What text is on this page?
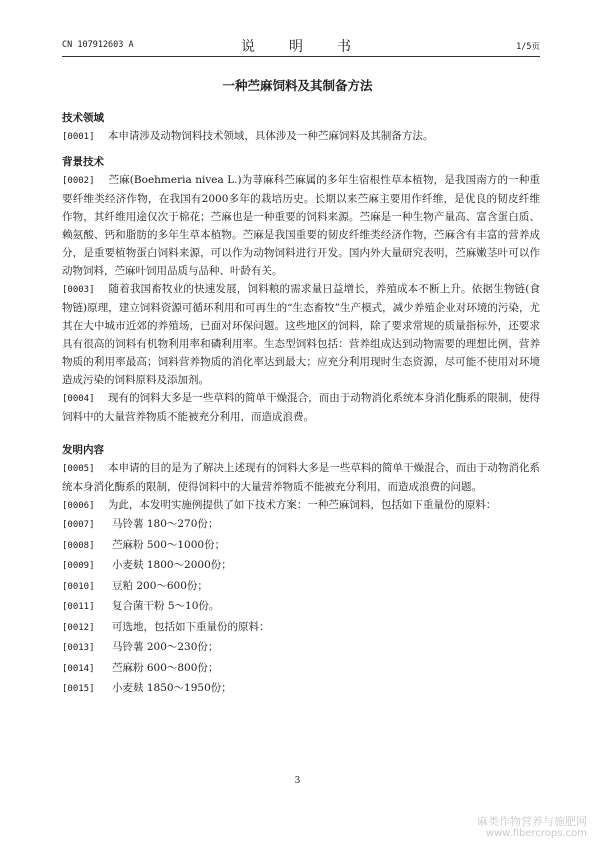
CN 107912603 A	说　明　书	1/5页
一种苎麻饲料及其制备方法
技术领域
[0001] 本申请涉及动物饲料技术领域，具体涉及一种苎麻饲料及其制备方法。
背景技术
[0002] 苎麻(Boehmeria nivea L.)为荨麻科苎麻属的多年生宿根性草本植物，是我国南方的一种重要纤维类经济作物，在我国有2000多年的栽培历史。长期以来苎麻主要用作纤维，是优良的韧皮纤维作物，其纤维用途仅次于棉花；苎麻也是一种重要的饲料来源。苎麻是一种生物产量高、富含蛋白质、赖氨酸、钙和脂肪的多年生草本植物。苎麻是我国重要的韧皮纤维类经济作物，苎麻含有丰富的营养成分，是重要植物蛋白饲料来源，可以作为动物饲料进行开发。国内外大量研究表明，苎麻嫩茎叶可以作动物饲料，苎麻叶饲用品质与品种、叶龄有关。
[0003] 随着我国畜牧业的快速发展，饲料粮的需求量日益增长，养殖成本不断上升。依据生物链(食物链)原理，建立饲料资源可循环利用和可再生的“生态畜牧”生产模式，减少养殖企业对环境的污染，尤其在大中城市近郊的养殖场，已面对环保问题。这些地区的饲料，除了要求常规的质量指标外，还要求具有很高的饲料有机物利用率和磷利用率。生态型饲料包括：营养组成达到动物需要的理想比例，营养物质的利用率最高；饲料营养物质的消化率达到最大；应充分利用现时生态资源，尽可能不使用对环境造成污染的饲料原料及添加剂。
[0004] 现有的饲料大多是一些草料的简单干燥混合，而由于动物消化系统本身消化酶系的限制，使得饲料中的大量营养物质不能被充分利用，而造成浪费。
发明内容
[0005] 本申请的目的是为了解决上述现有的饲料大多是一些草料的简单干燥混合，而由于动物消化系统本身消化酶系的限制，使得饲料中的大量营养物质不能被充分利用，而造成浪费的问题。
[0006] 为此，本发明实施例提供了如下技术方案：一种苎麻饲料，包括如下重量份的原料：
[0007] 马铃薯 180～270份；
[0008] 苎麻粉 500～1000份；
[0009] 小麦麸 1800～2000份；
[0010] 豆粕 200～600份；
[0011] 复合菌干粉 5～10份。
[0012] 可选地，包括如下重量份的原料：
[0013] 马铃薯 200～230份；
[0014] 苎麻粉 600～800份；
[0015] 小麦麸 1850～1950份；
3
麻类作物营养与施肥网
www.fibercrops.com
